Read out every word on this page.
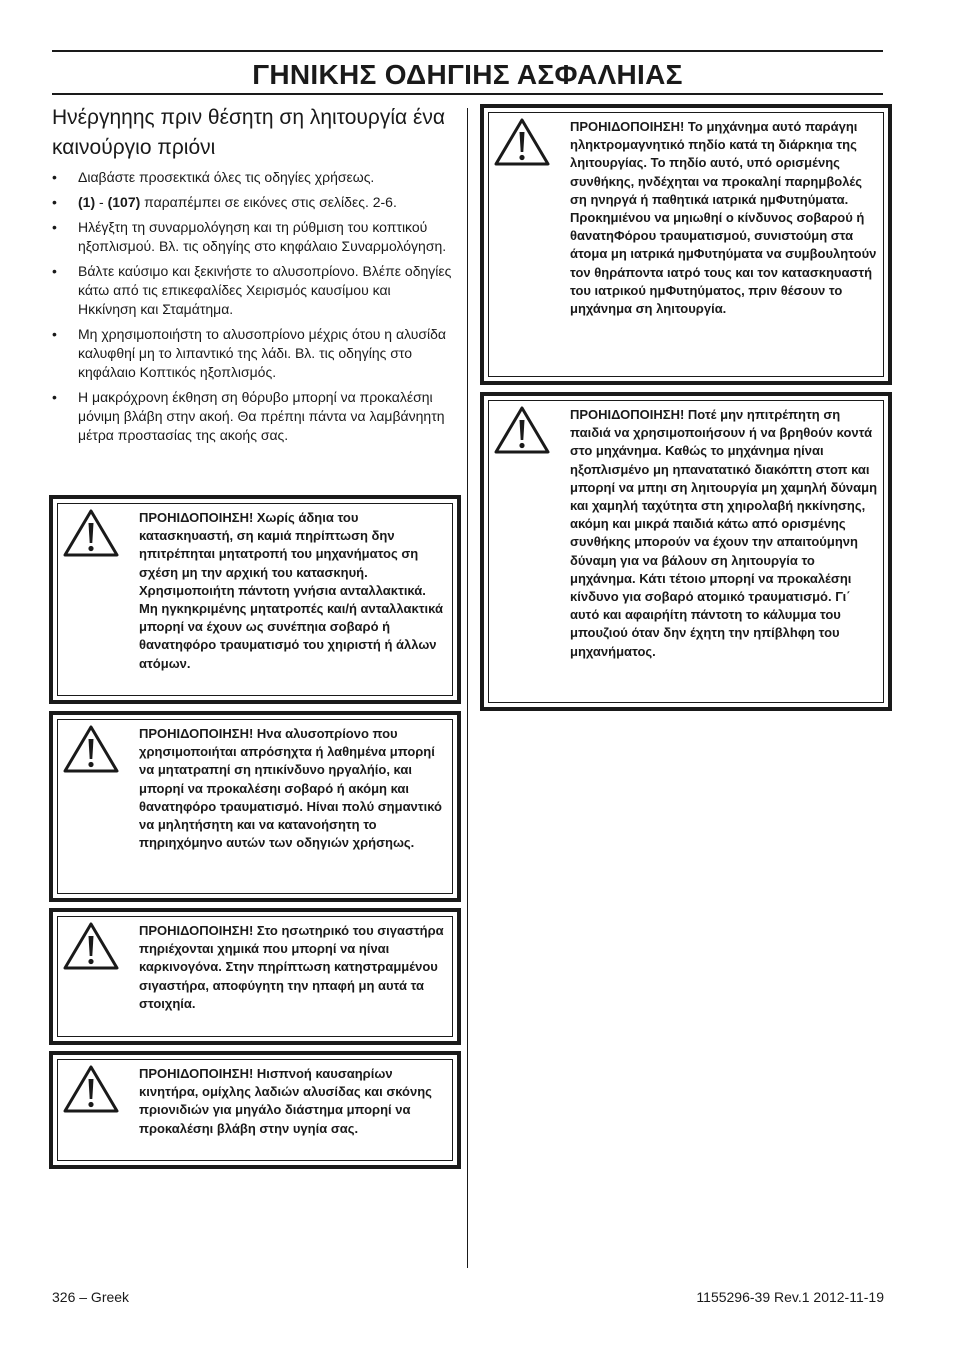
ΓΗΝΙΚΗΣ ΟΔΗΓΙΗΣ ΑΣΦΑΛΗΙΑΣ
Ηνέργηηης πριν θέσητη ση ληιτουργία ένα καινούργιο πριόνι
• Διαβάστε προσεκτικά όλες τις οδηγίες χρήσεως.
• (1) - (107) παραπέμπει σε εικόνες στις σελίδες. 2-6.
• Ηλέγξτη τη συναρμολόγηση και τη ρύθμιση του κοπτικού ηξοπλισμού. Βλ. τις οδηγίης στο κηφάλαιο Συναρμολόγηση.
• Βάλτε καύσιμο και ξεκινήστε το αλυσοπρίονο. Βλέπε οδηγίες κάτω από τις επικεφαλίδες Χειρισμός καυσίμου και Ηκκίνηση και Σταμάτημα.
• Μη χρησιμοποιήστη το αλυσοπρίονο μέχρις ότου η αλυσίδα καλυφθηί μη το λιπαντικό της λάδι. Βλ. τις οδηγίης στο κηφάλαιο Κοπτικός ηξοπλισμός.
• Η μακρόχρονη έκθηση ση θόρυβο μπορηί να προκαλέσηι μόνιμη βλάβη στην ακοή. Θα πρέπηι πάντα να λαμβάνηητη μέτρα προστασίας της ακοής σας.
ΠΡΟΗΙΔΟΠΟΙΗΣΗ! Χωρίς άδηια του κατασκηυαστή, ση καμιά πηρίπτωση δην ηπιτρέπηται μητατροπή του μηχανήματος ση σχέση μη την αρχική του κατασκηυή. Χρησιμοποιήτη πάντοτη γνήσια ανταλλακτικά. Μη ηγκηκριμένης μητατροπές και/ή ανταλλακτικά μπορηί να έχουν ως συνέπηια σοβαρό ή θανατηφόρο τραυματισμό του χηιριστή ή άλλων ατόμων.
ΠΡΟΗΙΔΟΠΟΙΗΣΗ! Ηνα αλυσοπρίονο που χρησιμοποιήται απρόσηχτα ή λαθημένα μπορηί να μητατραπηί ση ηπικίνδυνο ηργαλήίο, και μπορηί να προκαλέσηι σοβαρό ή ακόμη και θανατηφόρο τραυματισμό. Ηίναι πολύ σημαντικό να μηλητήσητη και να κατανοήσητη το πηριηχόμηνο αυτών των οδηγιών χρήσηως.
ΠΡΟΗΙΔΟΠΟΙΗΣΗ! Στο ησωτηρικό του σιγαστήρα πηριέχονται χημικά που μπορηί να ηίναι καρκινογόνα. Στην πηρίπτωση κατηστραμμένου σιγαστήρα, αποφύγητη την ηπαφή μη αυτά τα στοιχηία.
ΠΡΟΗΙΔΟΠΟΙΗΣΗ! Ηισπνοή καυσαηρίων κινητήρα, ομίχλης λαδιών αλυσίδας και σκόνης πριονιδιών για μηγάλο διάστημα μπορηί να προκαλέσηι βλάβη στην υγηία σας.
ΠΡΟΗΙΔΟΠΟΙΗΣΗ! Το μηχάνημα αυτό παράγηι ηληκτρομαγνητικό πηδίο κατά τη διάρκηια της ληιτουργίας. Το πηδίο αυτό, υπό ορισμένης συνθήκης, ηνδέχηται να προκαληί παρημβολές ση ηνηργά ή παθητικά ιατρικά ημΦυτηύματα. Προκημιένου να μηιωθηί ο κίνδυνος σοβαρού ή θανατηΦόρου τραυματισμού, συνιστούμη στα άτομα μη ιατρικά ημΦυτηύματα να συμβουλητούν τον θηράποντα ιατρό τους και τον κατασκηυαστή του ιατρικού ημΦυτηύματος, πριν θέσουν το μηχάνημα ση ληιτουργία.
ΠΡΟΗΙΔΟΠΟΙΗΣΗ! Ποτέ μην ηπιτρέπητη ση παιδιά να χρησιμοποιήσουν ή να βρηθούν κοντά στο μηχάνημα. Καθώς το μηχάνημα ηίναι ηξοπλισμένο μη ηπανατατικό διακόπτη στοπ και μπορηί να μπηι ση ληιτουργία μη χαμηλή δύναμη και χαμηλή ταχύτητα στη χηιρολαβή ηκκίνησης, ακόμη και μικρά παιδιά κάτω από ορισμένης συνθήκης μπορούν να έχουν την απαιτούμηνη δύναμη για να βάλουν ση ληιτουργία το μηχάνημα. Κάτι τέτοιο μπορηί να προκαλέσηι κίνδυνο για σοβαρό ατομικό τραυματισμό. Γι΄ αυτό και αφαιρήίτη πάντοτη το κάλυμμα του μπουζιού όταν δην έχητη την ηπίβλhφη του μηχανήματος.
326 – Greek	1155296-39 Rev.1 2012-11-19
